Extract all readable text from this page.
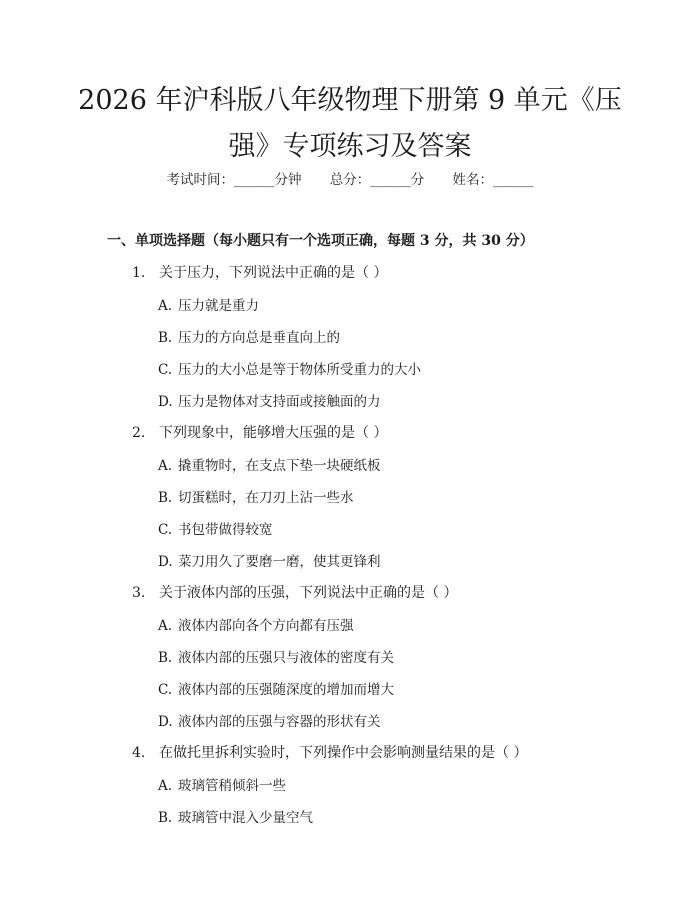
2026 年沪科版八年级物理下册第 9 单元《压
强》专项练习及答案
考试时间：______分钟 总分：______分 姓名：______
一、单项选择题（每小题只有一个选项正确，每题 3 分，共 30 分）
1. 关于压力，下列说法中正确的是（ ）
A. 压力就是重力
B. 压力的方向总是垂直向上的
C. 压力的大小总是等于物体所受重力的大小
D. 压力是物体对支持面或接触面的力
2. 下列现象中，能够增大压强的是（ ）
A. 撬重物时，在支点下垫一块硬纸板
B. 切蛋糕时，在刀刃上沾一些水
C. 书包带做得较宽
D. 菜刀用久了要磨一磨，使其更锋利
3. 关于液体内部的压强，下列说法中正确的是（ ）
A. 液体内部向各个方向都有压强
B. 液体内部的压强只与液体的密度有关
C. 液体内部的压强随深度的增加而增大
D. 液体内部的压强与容器的形状有关
4. 在做托里拆利实验时，下列操作中会影响测量结果的是（ ）
A. 玻璃管稍倾斜一些
B. 玻璃管中混入少量空气
